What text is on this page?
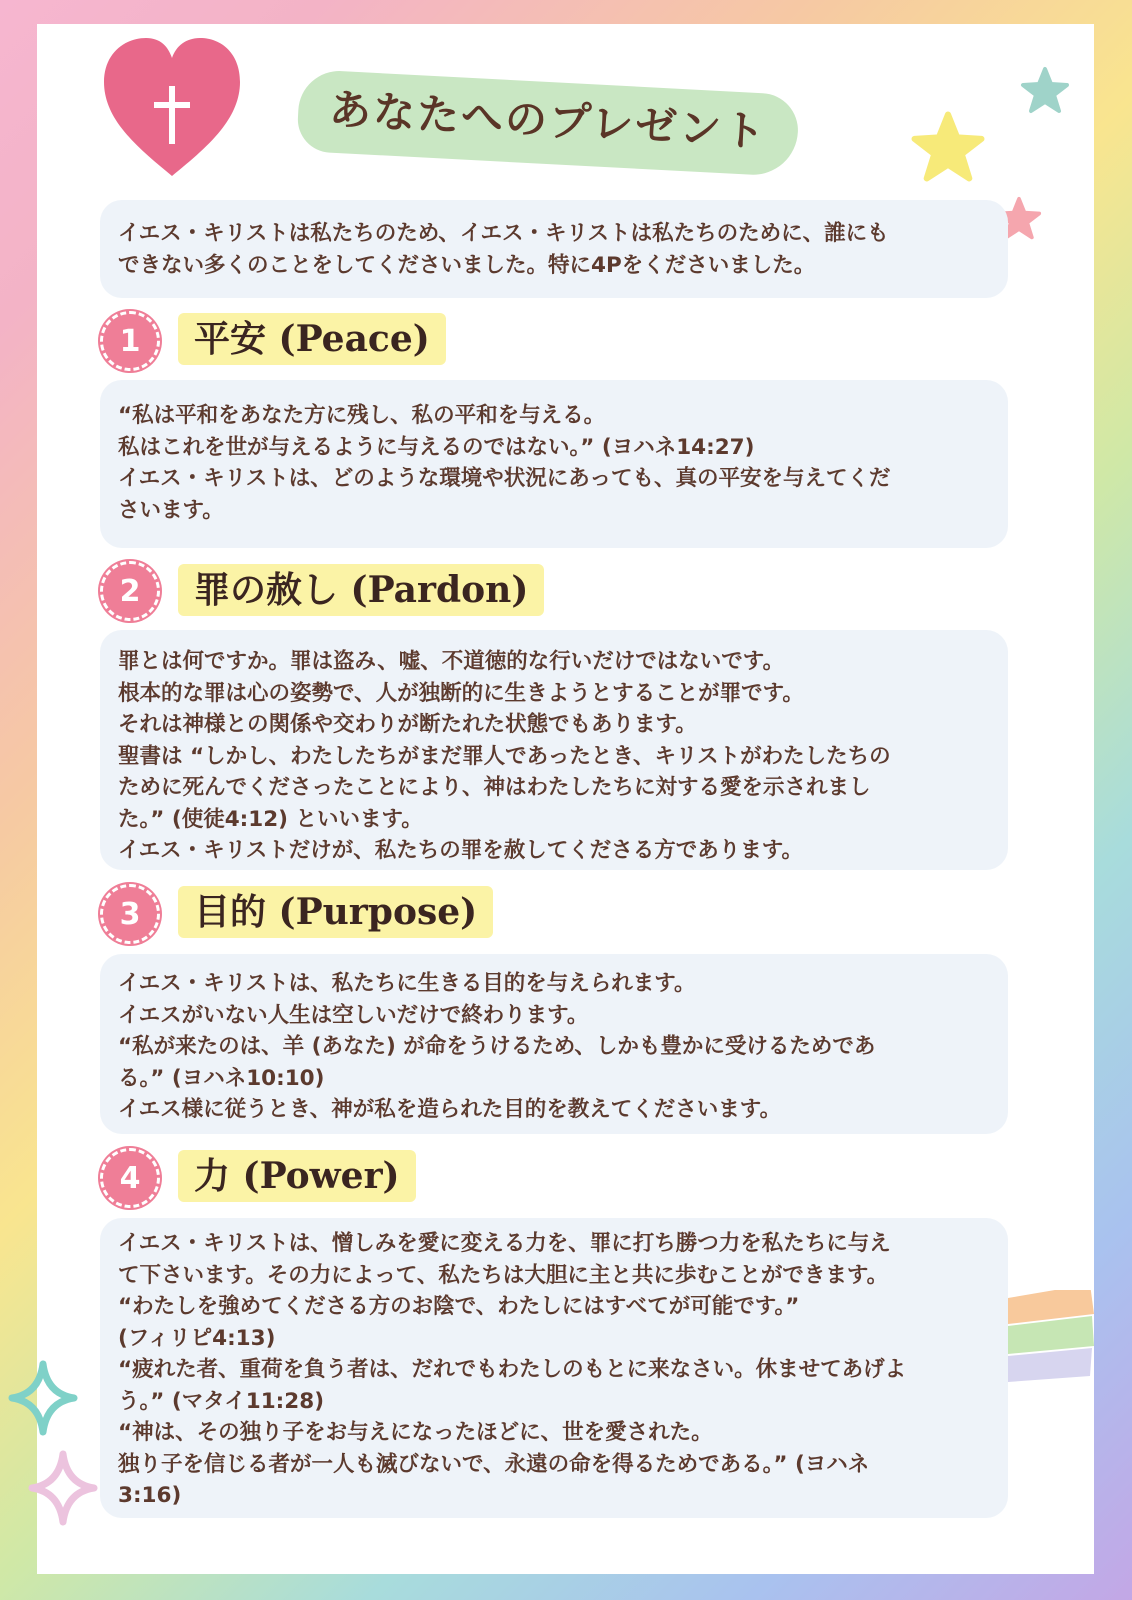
あなたへのプレゼント

イエス・キリストは私たちのため、イエス・キリストは私たちのために、誰にも

できない多くのことをしてくださいました。特に4Pをくださいました。

1	平安 (Peace)

“私は平和をあなた方に残し、私の平和を与える。

私はこれを世が与えるように与えるのではない。” (ヨハネ14:27)

イエス・キリストは、どのような環境や状況にあっても、真の平安を与えてくだ

さいます。

2	罪の赦し (Pardon)

罪とは何ですか。罪は盗み、嘘、不道徳的な行いだけではないです。

根本的な罪は心の姿勢で、人が独断的に生きようとすることが罪です。

それは神様との関係や交わりが断たれた状態でもあります。

聖書は “しかし、わたしたちがまだ罪人であったとき、キリストがわたしたちの

ために死んでくださったことにより、神はわたしたちに対する愛を示されまし

た。” (使徒4:12) といいます。

イエス・キリストだけが、私たちの罪を赦してくださる方であります。

3	目的 (Purpose)

イエス・キリストは、私たちに生きる目的を与えられます。

イエスがいない人生は空しいだけで終わります。

“私が来たのは、羊 (あなた) が命をうけるため、しかも豊かに受けるためであ

る。” (ヨハネ10:10)

イエス様に従うとき、神が私を造られた目的を教えてくださいます。

4	力 (Power)

イエス・キリストは、憎しみを愛に変える力を、罪に打ち勝つ力を私たちに与え

て下さいます。その力によって、私たちは大胆に主と共に歩むことができます。

“わたしを強めてくださる方のお陰で、わたしにはすべてが可能です。”

(フィリピ4:13)

“疲れた者、重荷を負う者は、だれでもわたしのもとに来なさい。休ませてあげよ

う。” (マタイ11:28)

“神は、その独り子をお与えになったほどに、世を愛された。

独り子を信じる者が一人も滅びないで、永遠の命を得るためである。” (ヨハネ

3:16)
